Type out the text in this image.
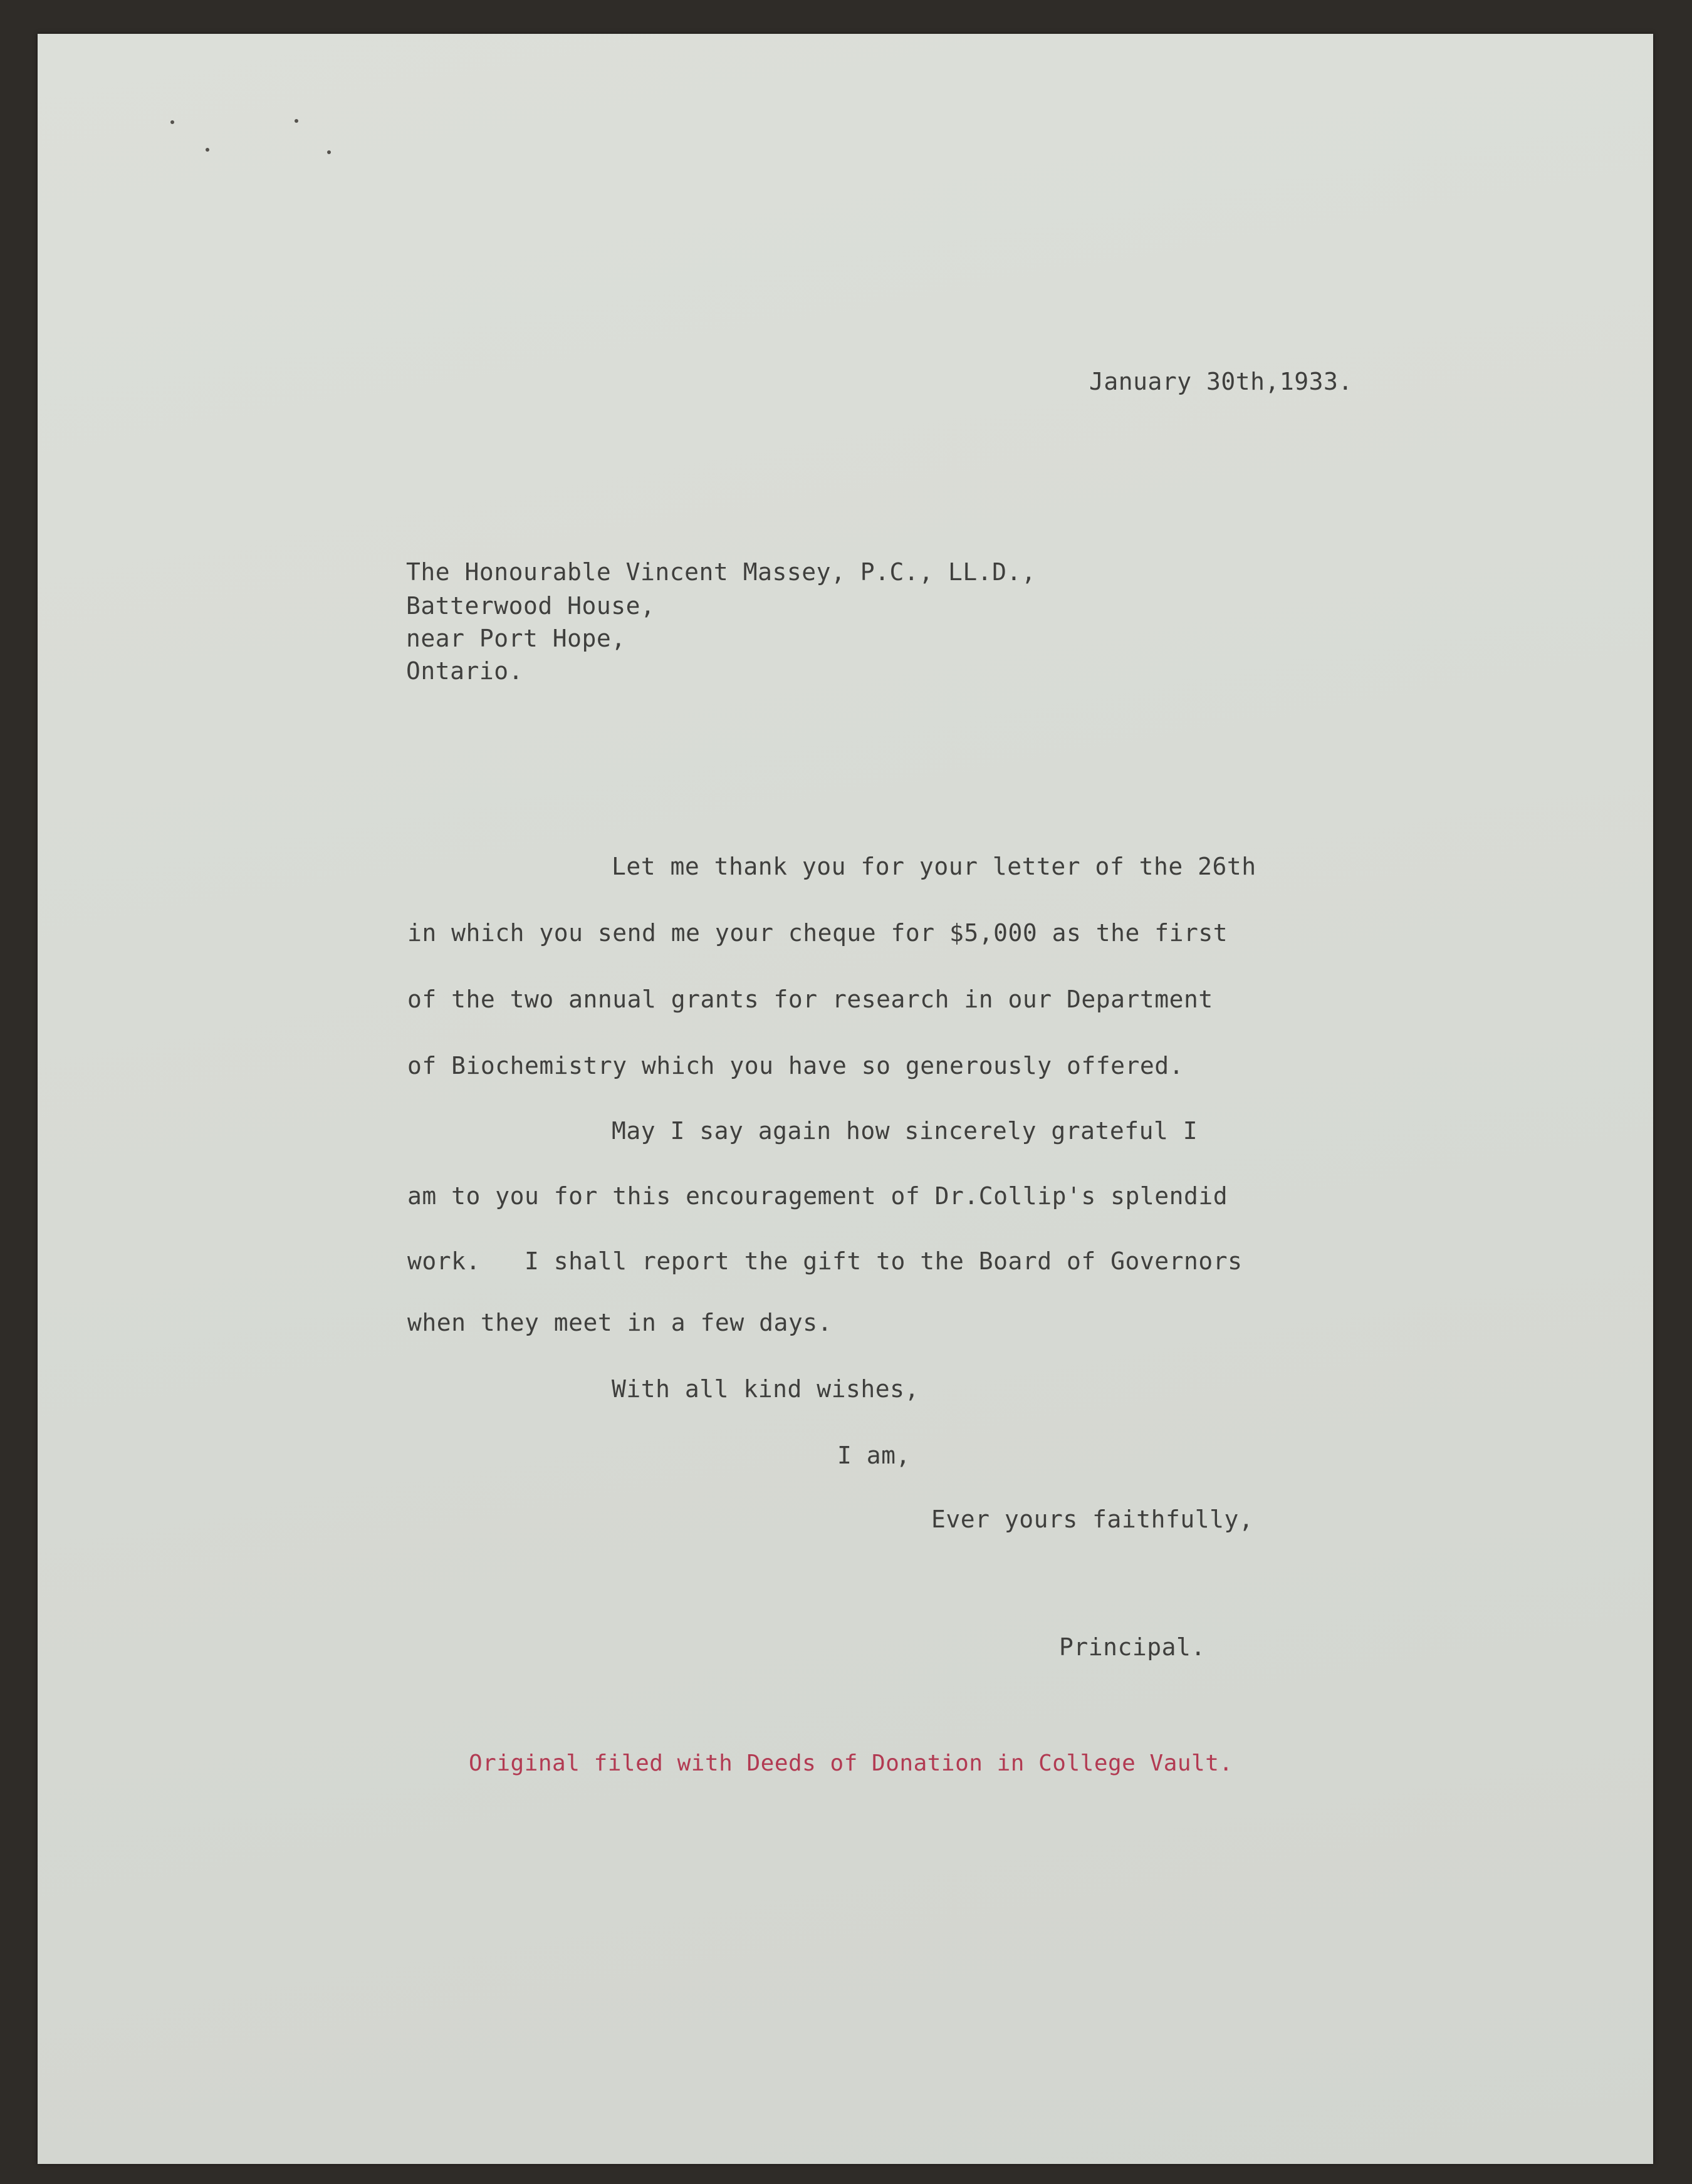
January 30th,1933.
The Honourable Vincent Massey, P.C., LL.D.,
Batterwood House,
near Port Hope,
Ontario.
Let me thank you for your letter of the 26th
in which you send me your cheque for $5,000 as the first
of the two annual grants for research in our Department
of Biochemistry which you have so generously offered.
May I say again how sincerely grateful I
am to you for this encouragement of Dr.Collip's splendid
work.   I shall report the gift to the Board of Governors
when they meet in a few days.
With all kind wishes,
I am,
Ever yours faithfully,
Principal.
Original filed with Deeds of Donation in College Vault.
